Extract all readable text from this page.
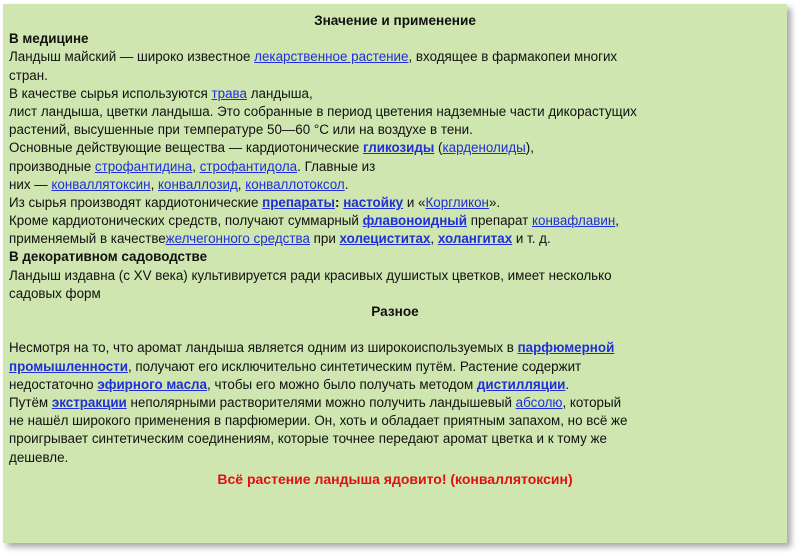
Значение и применение
В медицине
Ландыш майский — широко известное лекарственное растение, входящее в фармакопеи многих
стран.
В качестве сырья используются трава ландыша,
лист ландыша, цветки ландыша. Это собранные в период цветения надземные части дикорастущих
растений, высушенные при температуре 50—60 °С или на воздухе в тени.
Основные действующие вещества — кардиотонические гликозиды (карденолиды),
производные строфантидина, строфантидола. Главные из
них — конваллятоксин, конваллозид, конваллотоксол.
Из сырья производят кардиотонические препараты: настойку и «Коргликон».
Кроме кардиотонических средств, получают суммарный флавоноидный препарат конвафлавин,
применяемый в качествежелчегонного средства при холециститах, холангитах и т. д.
В декоративном садоводстве
Ландыш издавна (с XV века) культивируется ради красивых душистых цветков, имеет несколько
садовых форм
Разное
Несмотря на то, что аромат ландыша является одним из широкоиспользуемых в парфюмерной
промышленности, получают его исключительно синтетическим путём. Растение содержит
недостаточно эфирного масла, чтобы его можно было получать методом дистилляции.
Путём экстракции неполярными растворителями можно получить ландышевый абсолю, который
не нашёл широкого применения в парфюмерии. Он, хоть и обладает приятным запахом, но всё же
проигрывает синтетическим соединениям, которые точнее передают аромат цветка и к тому же
дешевле.
Всё растение ландыша ядовито! (конваллятоксин)
